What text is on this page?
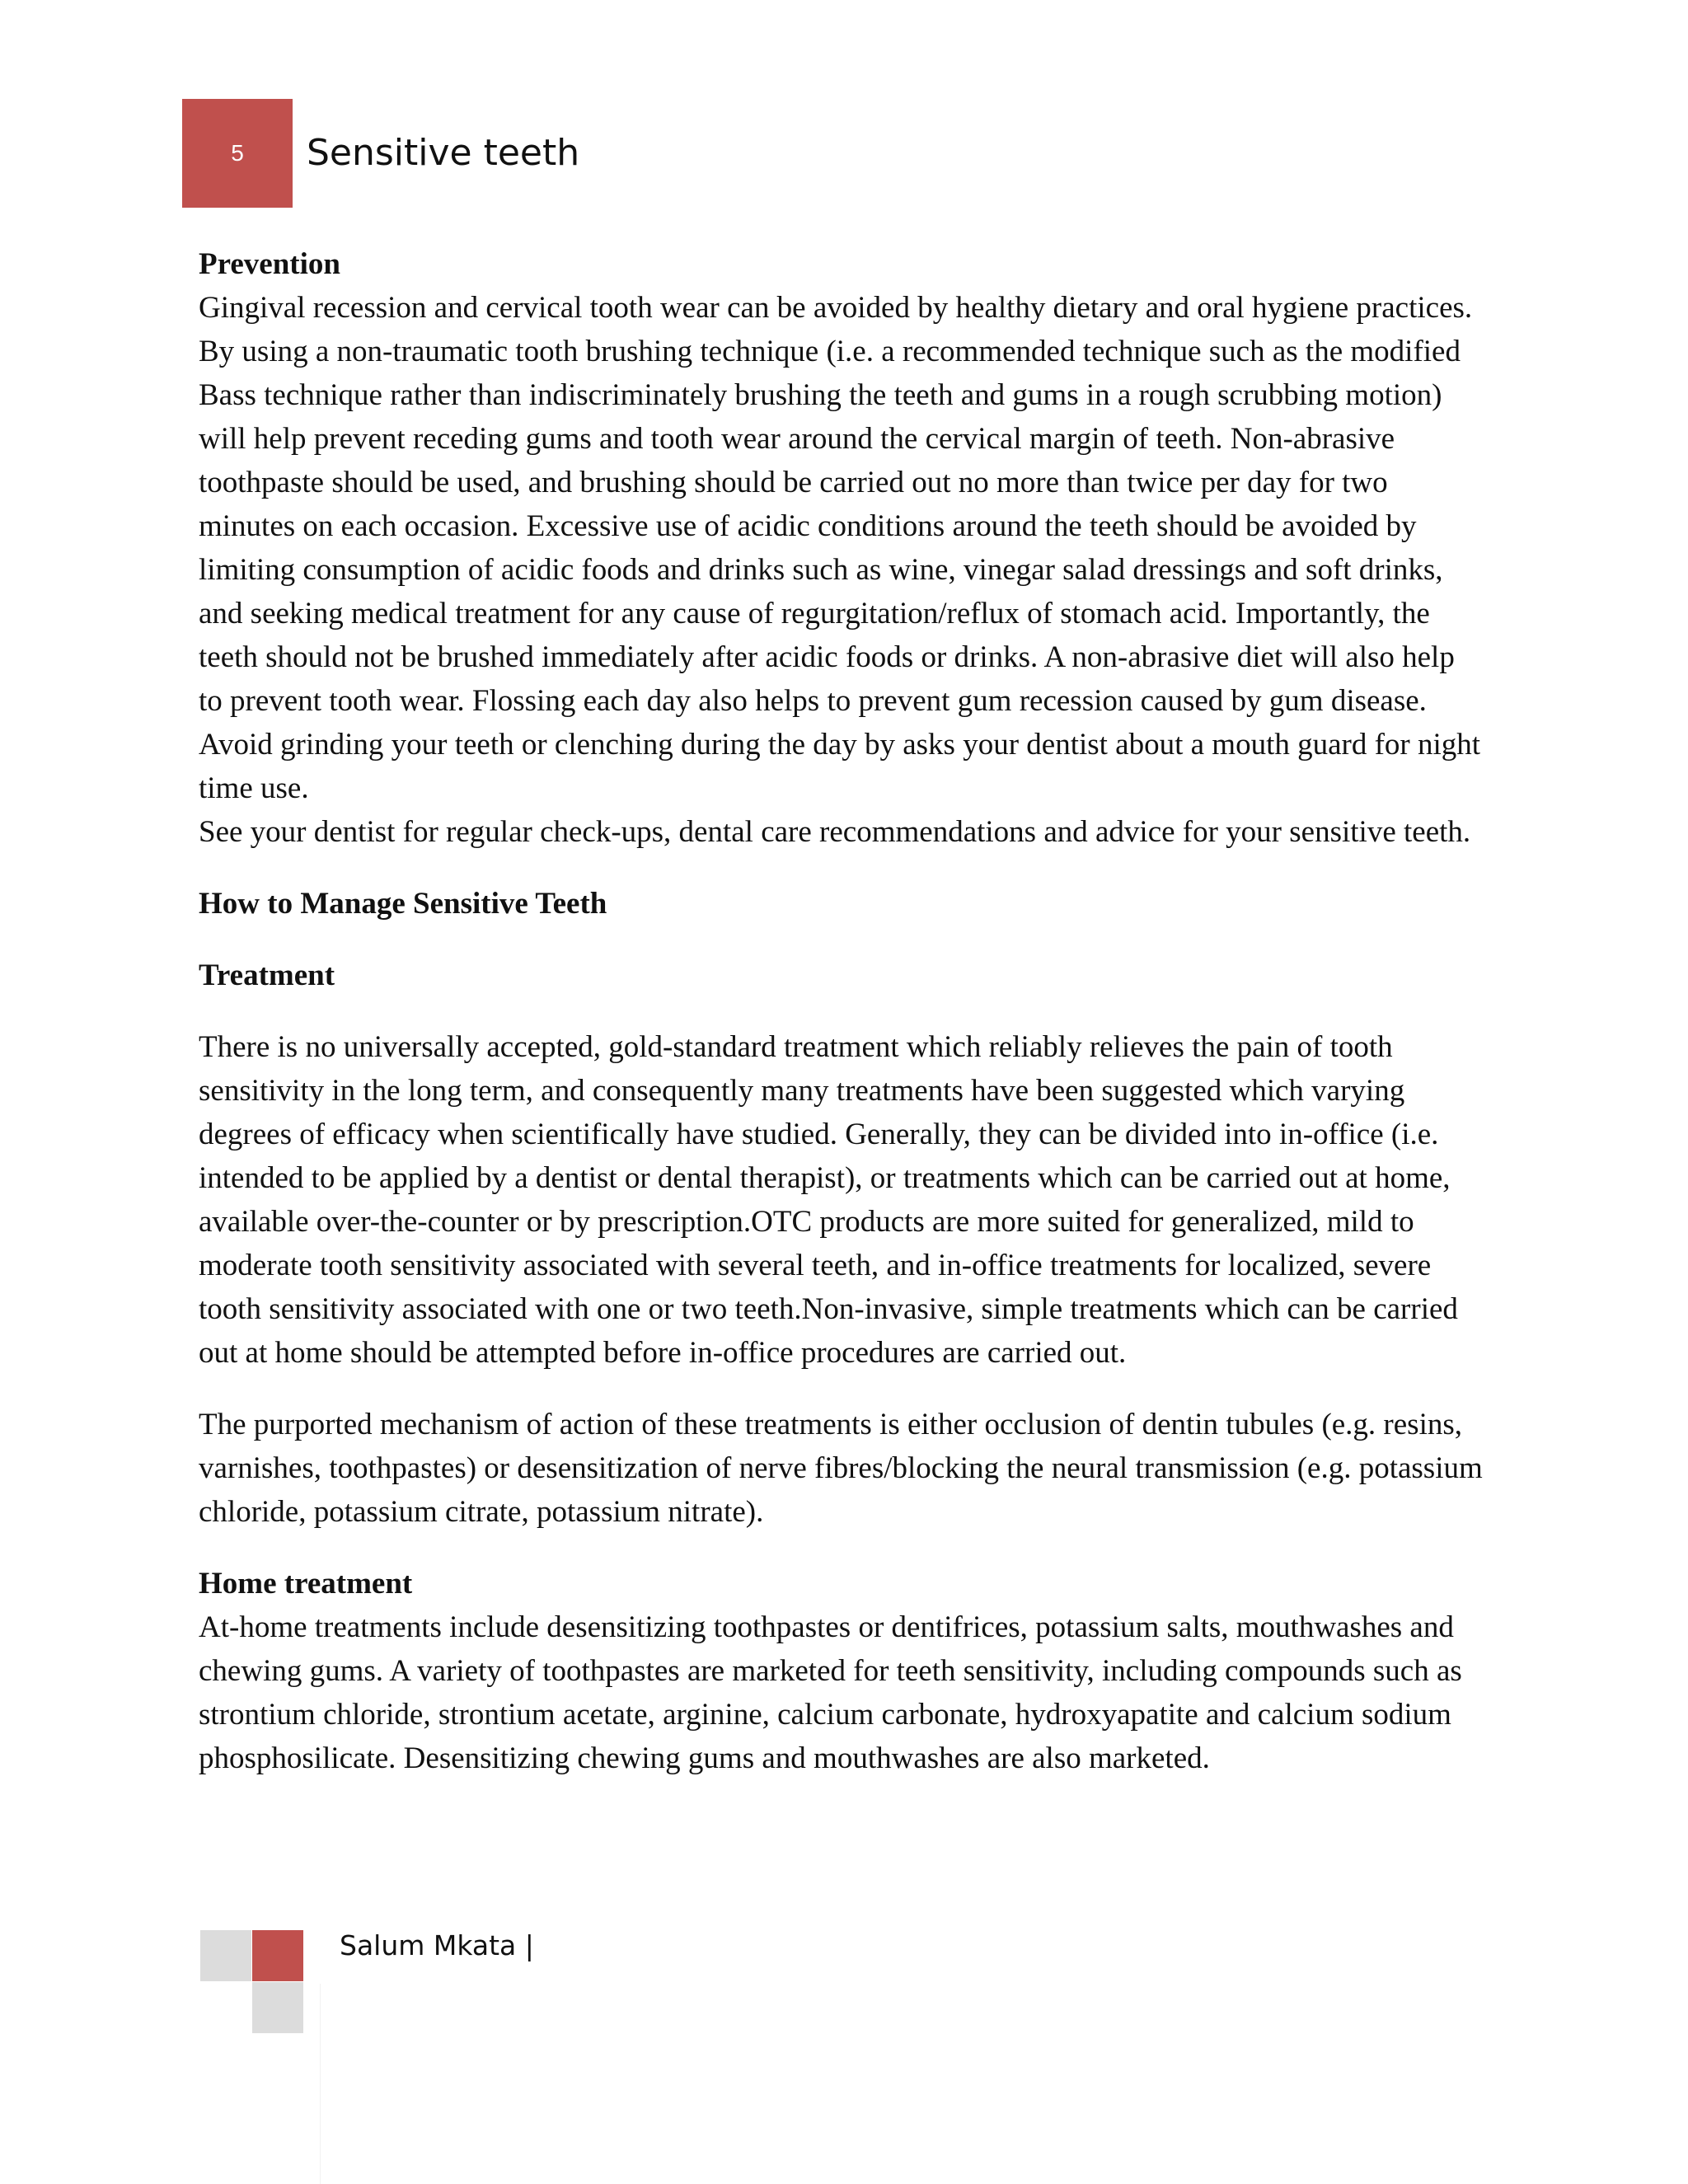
5 Sensitive teeth
Prevention

Gingival recession and cervical tooth wear can be avoided by healthy dietary and oral hygiene practices. By using a non-traumatic tooth brushing technique (i.e. a recommended technique such as the modified Bass technique rather than indiscriminately brushing the teeth and gums in a rough scrubbing motion) will help prevent receding gums and tooth wear around the cervical margin of teeth. Non-abrasive toothpaste should be used, and brushing should be carried out no more than twice per day for two minutes on each occasion. Excessive use of acidic conditions around the teeth should be avoided by limiting consumption of acidic foods and drinks such as wine, vinegar salad dressings and soft drinks, and seeking medical treatment for any cause of regurgitation/reflux of stomach acid. Importantly, the teeth should not be brushed immediately after acidic foods or drinks. A non-abrasive diet will also help to prevent tooth wear. Flossing each day also helps to prevent gum recession caused by gum disease. Avoid grinding your teeth or clenching during the day by asks your dentist about a mouth guard for night time use.

See your dentist for regular check-ups, dental care recommendations and advice for your sensitive teeth.

How to Manage Sensitive Teeth
Treatment

There is no universally accepted, gold-standard treatment which reliably relieves the pain of tooth sensitivity in the long term, and consequently many treatments have been suggested which varying degrees of efficacy when scientifically have studied. Generally, they can be divided into in-office (i.e. intended to be applied by a dentist or dental therapist), or treatments which can be carried out at home, available over-the-counter or by prescription.OTC products are more suited for generalized, mild to moderate tooth sensitivity associated with several teeth, and in-office treatments for localized, severe tooth sensitivity associated with one or two teeth.Non-invasive, simple treatments which can be carried out at home should be attempted before in-office procedures are carried out.

The purported mechanism of action of these treatments is either occlusion of dentin tubules (e.g. resins, varnishes, toothpastes) or desensitization of nerve fibres/blocking the neural transmission (e.g. potassium chloride, potassium citrate, potassium nitrate).

Home treatment

At-home treatments include desensitizing toothpastes or dentifrices, potassium salts, mouthwashes and chewing gums. A variety of toothpastes are marketed for teeth sensitivity, including compounds such as strontium chloride, strontium acetate, arginine, calcium carbonate, hydroxyapatite and calcium sodium phosphosilicate. Desensitizing chewing gums and mouthwashes are also marketed.

Salum Mkata |
